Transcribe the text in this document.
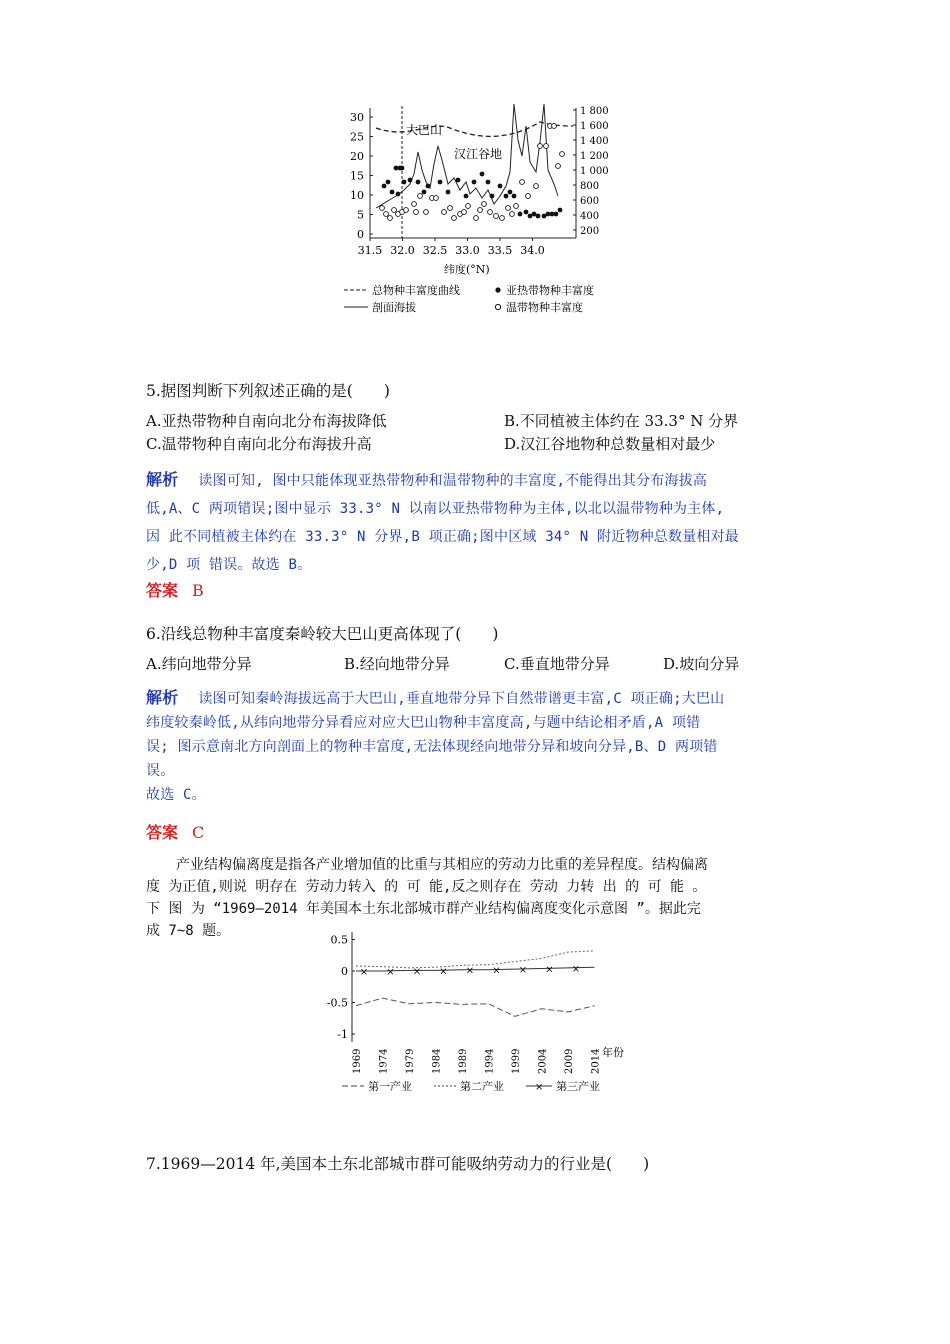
0
5
10
15
20
25
30
200
400
600
800
1 000
1 200
1 400
1 600
1 800
31.5 32.0 32.5 33.0 33.5 34.0
大巴山
汉江谷地
纬度(°N)
总物种丰富度曲线	亚热带物种丰富度
剖面海拔	温带物种丰富度
5.据图判断下列叙述正确的是(　　)
A.亚热带物种自南向北分布海拔降低	B.不同植被主体约在 33.3° N 分界
C.温带物种自南向北分布海拔升高	D.汉江谷地物种总数量相对最少
解析 读图可知, 图中只能体现亚热带物种和温带物种的丰富度,不能得出其分布海拔高
低,A、C 两项错误;图中显示 33.3° N 以南以亚热带物种为主体,以北以温带物种为主体,
因 此不同植被主体约在 33.3° N 分界,B 项正确;图中区域 34° N 附近物种总数量相对最
少,D 项 错误。故选 B。
答案 B
6.沿线总物种丰富度秦岭较大巴山更高体现了(　　)
A.纬向地带分异	B.经向地带分异	C.垂直地带分异	D.坡向分异
解析 读图可知秦岭海拔远高于大巴山,垂直地带分异下自然带谱更丰富,C 项正确;大巴山
纬度较秦岭低,从纬向地带分异看应对应大巴山物种丰富度高,与题中结论相矛盾,A 项错
误; 图示意南北方向剖面上的物种丰富度,无法体现经向地带分异和坡向分异,B、D 两项错
误。
故选 C。
答案 C
产业结构偏离度是指各产业增加值的比重与其相应的劳动力比重的差异程度。结构偏离
度 为正值,则说 明存在 劳动力转入 的 可 能,反之则存在 劳动 力转 出 的 可 能 。
下 图 为 “1969—2014 年美国本土东北部城市群产业结构偏离度变化示意图 ”。据此完
成 7~8 题。
0.5
0
-0.5
-1
1969 1974 1979 1984 1989 1994 1999 2004 2009 2014
× × × × × × × × ×
年份
第一产业	第二产业	× 第三产业
7.1969—2014 年,美国本土东北部城市群可能吸纳劳动力的行业是(　　)
